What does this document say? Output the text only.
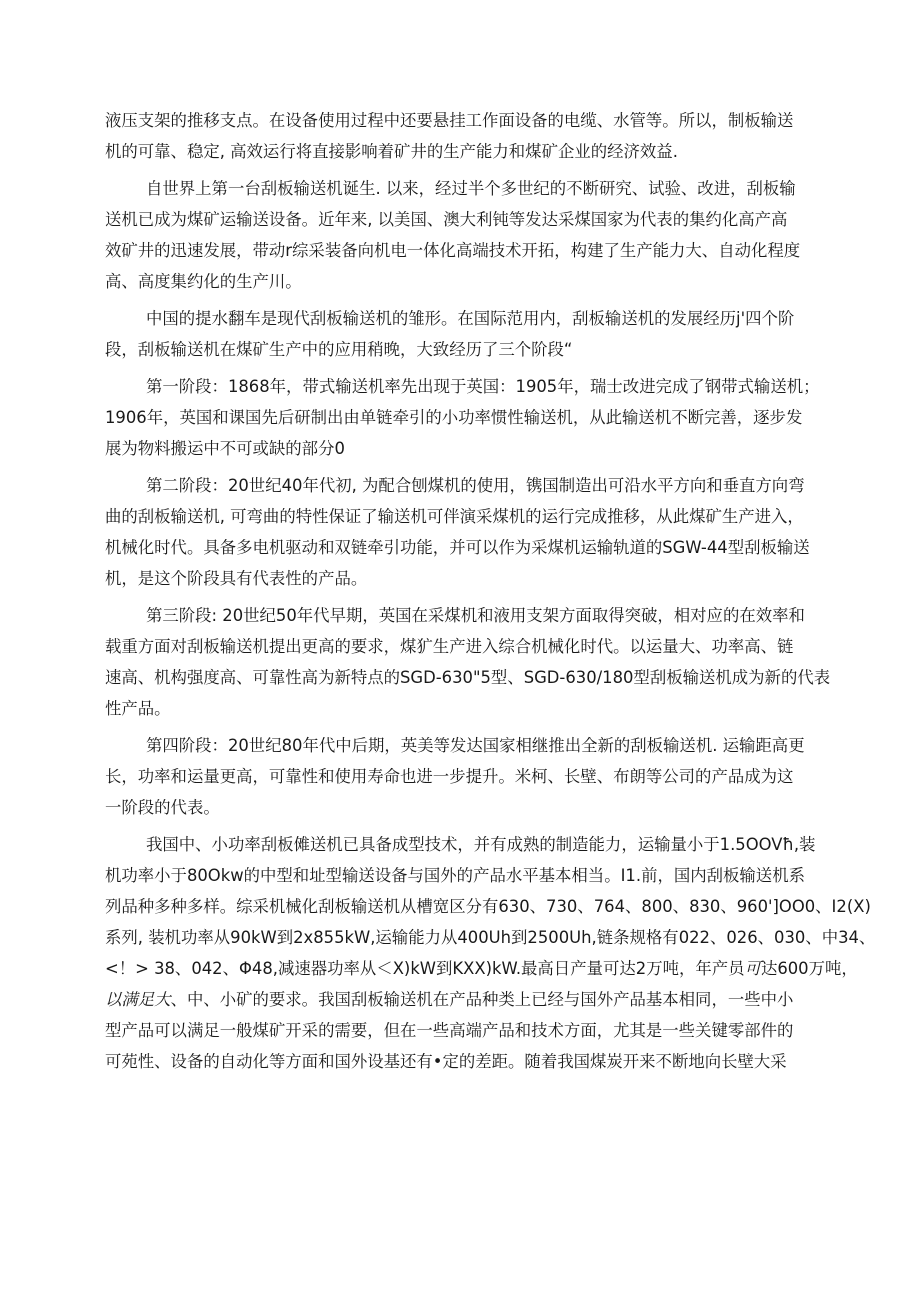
液压支架的推移支点。在设备使用过程中还要悬挂工作面设备的电缆、水管等。所以，制板输送
机的可靠、稳定, 高效运行将直接影响着矿井的生产能力和煤矿企业的经济效益.
自世界上第一台刮板输送机诞生. 以来，经过半个多世纪的不断研究、试验、改进，刮板输
送机已成为煤矿运输送设备。近年来, 以美国、澳大利钝等发达采煤国家为代表的集约化高产高
效矿井的迅速发展，带动r综采装备向机电一体化高端技术开拓，构建了生产能力大、自动化程度
高、高度集约化的生产川。
中国的提水翻车是现代刮板输送机的雏形。在国际范用内，刮板输送机的发展经历j'四个阶
段，刮板输送机在煤矿生产中的应用稍晚，大致经历了三个阶段“
第一阶段：1868年，带式输送机率先出现于英国：1905年，瑞士改进完成了钢带式输送机；
1906年，英国和课国先后研制出由单链牵引的小功率惯性输送机，从此输送机不断完善，逐步发
展为物料搬运中不可或缺的部分0
第二阶段：20世纪40年代初, 为配合刨煤机的使用，镌国制造出可沿水平方向和垂直方向弯
曲的刮板输送机, 可弯曲的特性保证了输送机可伴演采煤机的运行完成推移，从此煤矿生产进入，
机械化时代。具备多电机驱动和双链牵引功能，并可以作为采煤机运输轨道的SGW-44型刮板输送
机，是这个阶段具有代表性的产品。
第三阶段: 20世纪50年代早期，英国在采煤机和液用支架方面取得突破，相对应的在效率和
载重方面对刮板输送机提出更高的要求，煤犷生产进入综合机械化时代。以运量大、功率高、链
速高、机构强度高、可靠性高为新特点的SGD-630"5型、SGD-630/180型刮板输送机成为新的代表
性产品。
第四阶段：20世纪80年代中后期，英美等发达国家相继推出全新的刮板输送机. 运输距高更
长，功率和运量更高，可靠性和使用寿命也进一步提升。米柯、长壁、布朗等公司的产品成为这
一阶段的代表。
我国中、小功率刮板傩送机已具备成型技术，并有成熟的制造能力，运输量小于1.5OOVħ,装
机功率小于80Okw的中型和址型输送设备与国外的产品水平基本相当。I1.前，国内刮板输送机系
列品种多种多样。综采机械化刮板输送机从槽宽区分有630、730、764、800、830、960']OO0、I2(X)
系列, 装机功率从90kW到2x855kW,运输能力从400Uh到2500Uh,链条规格有022、026、030、中34、
<！> 38、042、Φ48,减速器功率从＜X)kW到KXX)kW.最高日产量可达2万吨，年产员可达600万吨，
以满足大、中、小矿的要求。我国刮板输送机在产品种类上已经与国外产品基本相同，一些中小
型产品可以满足一般煤矿开采的需要，但在一些高端产品和技术方面，尤其是一些关键零部件的
可苑性、设备的自动化等方面和国外设基还有•定的差距。随着我国煤炭开来不断地向长壁大采
